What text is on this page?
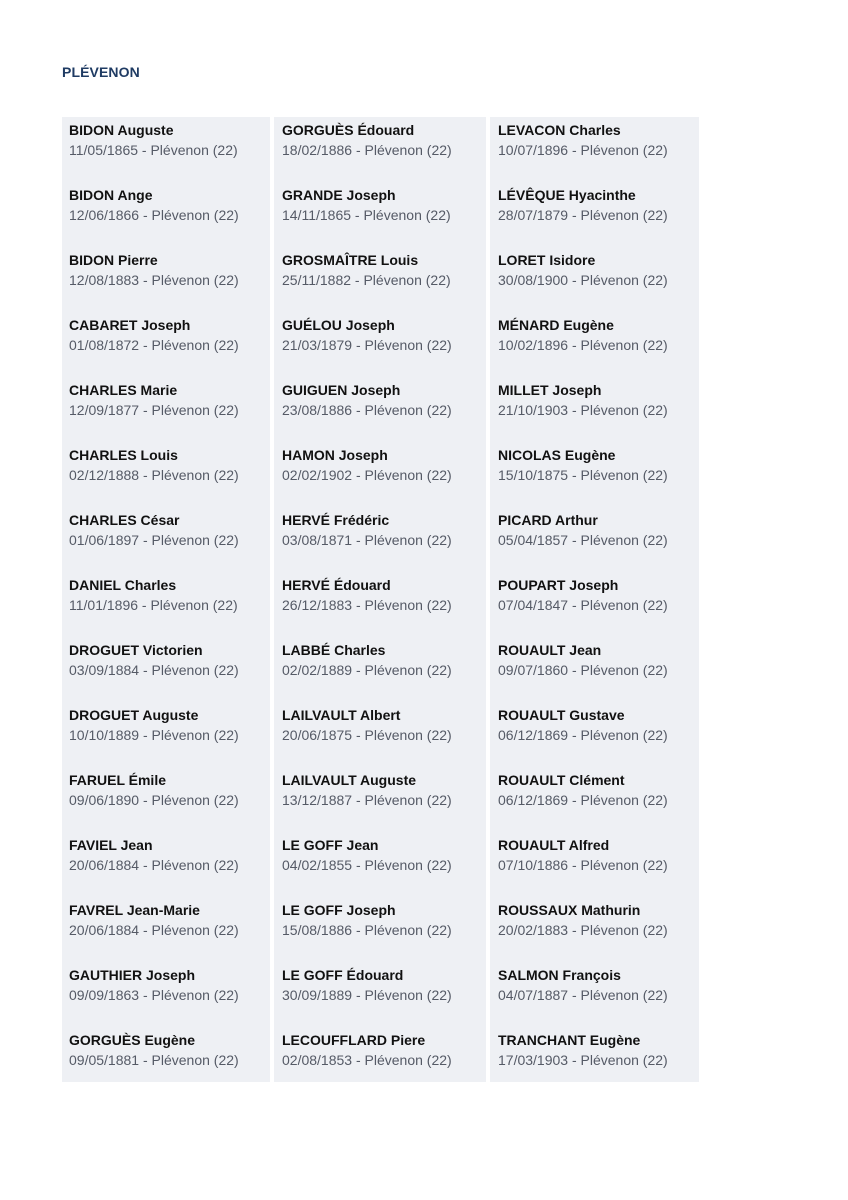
PLÉVENON
BIDON Auguste
11/05/1865 - Plévenon (22)
BIDON Ange
12/06/1866 - Plévenon (22)
BIDON Pierre
12/08/1883 - Plévenon (22)
CABARET Joseph
01/08/1872 - Plévenon (22)
CHARLES Marie
12/09/1877 - Plévenon (22)
CHARLES Louis
02/12/1888 - Plévenon (22)
CHARLES César
01/06/1897 - Plévenon (22)
DANIEL Charles
11/01/1896 - Plévenon (22)
DROGUET Victorien
03/09/1884 - Plévenon (22)
DROGUET Auguste
10/10/1889 - Plévenon (22)
FARUEL Émile
09/06/1890 - Plévenon (22)
FAVIEL Jean
20/06/1884 - Plévenon (22)
FAVREL Jean-Marie
20/06/1884 - Plévenon (22)
GAUTHIER Joseph
09/09/1863 - Plévenon (22)
GORGUÈS Eugène
09/05/1881 - Plévenon (22)
GORGUÈS Édouard
18/02/1886 - Plévenon (22)
GRANDE Joseph
14/11/1865 - Plévenon (22)
GROSMAÎTRE Louis
25/11/1882 - Plévenon (22)
GUÉLOU Joseph
21/03/1879 - Plévenon (22)
GUIGUEN Joseph
23/08/1886 - Plévenon (22)
HAMON Joseph
02/02/1902 - Plévenon (22)
HERVÉ Frédéric
03/08/1871 - Plévenon (22)
HERVÉ Édouard
26/12/1883 - Plévenon (22)
LABBÉ Charles
02/02/1889 - Plévenon (22)
LAILVAULT Albert
20/06/1875 - Plévenon (22)
LAILVAULT Auguste
13/12/1887 - Plévenon (22)
LE GOFF Jean
04/02/1855 - Plévenon (22)
LE GOFF Joseph
15/08/1886 - Plévenon (22)
LE GOFF Édouard
30/09/1889 - Plévenon (22)
LECOUFFLARD Piere
02/08/1853 - Plévenon (22)
LEVACON Charles
10/07/1896 - Plévenon (22)
LÉVÊQUE Hyacinthe
28/07/1879 - Plévenon (22)
LORET Isidore
30/08/1900 - Plévenon (22)
MÉNARD Eugène
10/02/1896 - Plévenon (22)
MILLET Joseph
21/10/1903 - Plévenon (22)
NICOLAS Eugène
15/10/1875 - Plévenon (22)
PICARD Arthur
05/04/1857 - Plévenon (22)
POUPART Joseph
07/04/1847 - Plévenon (22)
ROUAULT Jean
09/07/1860 - Plévenon (22)
ROUAULT Gustave
06/12/1869 - Plévenon (22)
ROUAULT Clément
06/12/1869 - Plévenon (22)
ROUAULT Alfred
07/10/1886 - Plévenon (22)
ROUSSAUX Mathurin
20/02/1883 - Plévenon (22)
SALMON François
04/07/1887 - Plévenon (22)
TRANCHANT Eugène
17/03/1903 - Plévenon (22)
